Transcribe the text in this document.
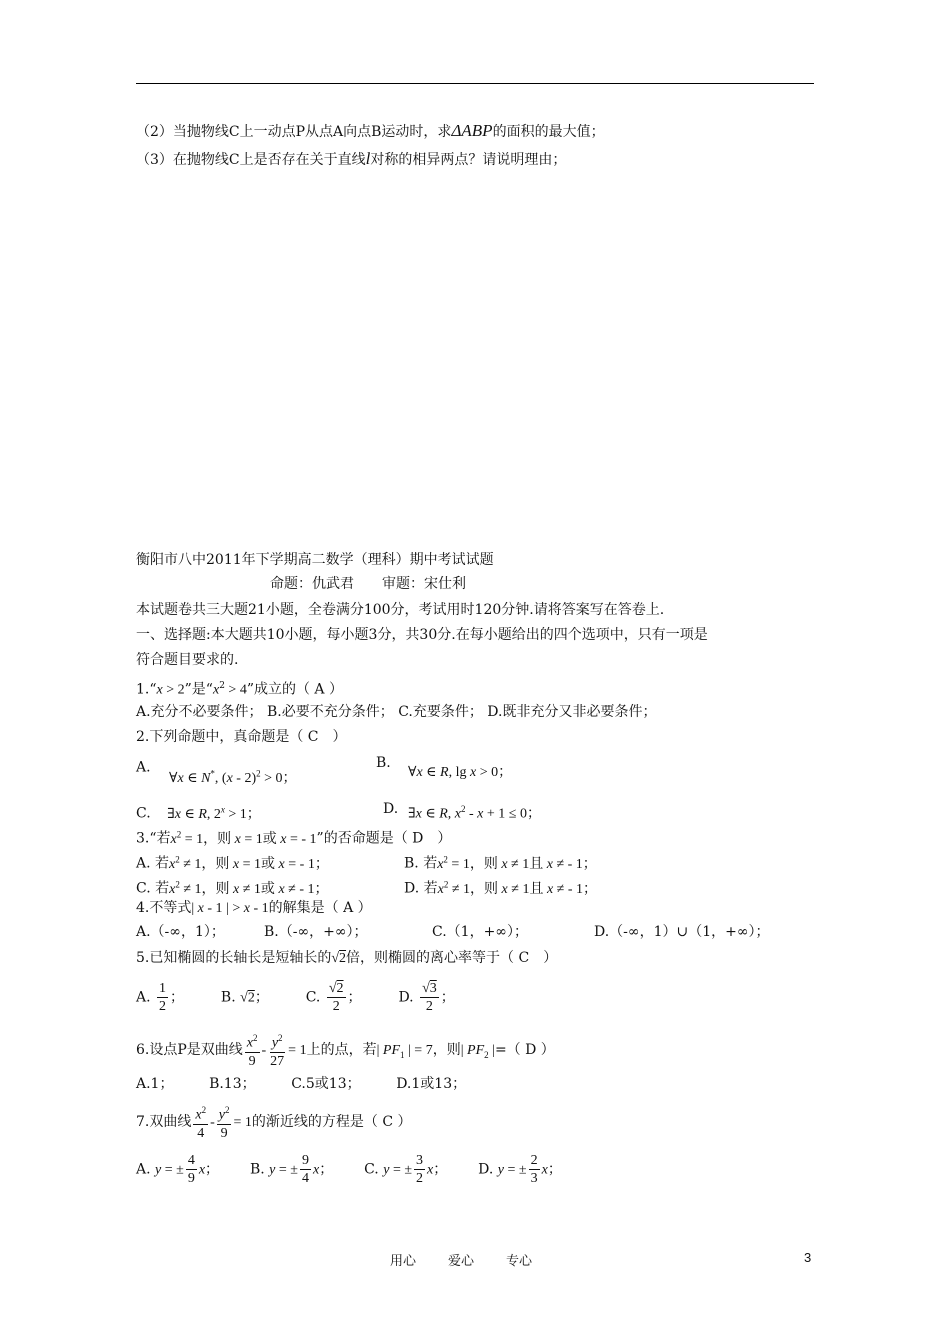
（2）当抛物线C上一动点P从点A向点B运动时，求ΔABP的面积的最大值；
（3）在抛物线C上是否存在关于直线l对称的相异两点？请说明理由；
衡阳市八中2011年下学期高二数学（理科）期中考试试题
命题：仇武君　　审题：宋仕利
本试题卷共三大题21小题，全卷满分100分，考试用时120分钟.请将答案写在答卷上.
一、选择题:本大题共10小题，每小题3分，共30分.在每小题给出的四个选项中，只有一项是
符合题目要求的.
1.“x > 2”是“$x^2 > 4$”成立的（ A ）
A.充分不必要条件； B.必要不充分条件； C.充要条件； D.既非充分又非必要条件；
2.下列命题中，真命题是（ C　）
A. ∀x ∈ N*, (x - 2)$^2$ > 0；
B.
∀x ∈ R, lg x > 0；
C. ∃x ∈ R, $2^x > 1$；	D. ∃x ∈ R, $x^2 - x + 1 \le 0$；
3.“若$x^2 = 1$，则 x = 1或 x = - 1”的否命题是（ D　）
A. 若$x^2 \ne 1$，则 x = 1或 x = - 1；	B. 若$x^2 = 1$，则 x ≠ 1且 x ≠ - 1；
C. 若$x^2 \ne 1$，则 x ≠ 1或 x ≠ - 1；	D. 若$x^2 \ne 1$，则 x ≠ 1且 x ≠ - 1；
4.不等式| x - 1 | > x - 1的解集是（ A ）
A.（-∞，1）；	B.（-∞，+∞）；	C.（1，+∞）；	D.（-∞，1）∪（1，+∞）；
5.已知椭圆的长轴长是短轴长的√2倍，则椭圆的离心率等于（ C　）
A. $\frac{1}{2}$ ；  B. √2；  C. $\frac{√2}{2}$ ；  D. $\frac{√3}{2}$ ；
6.设点P是双曲线 $\frac{x^2}{9} - \frac{y^2}{27} = 1$上的点，若| $PF_1$ | = 7，则| $PF_2$ |=（ D ）
A.1；        B.13；        C.5或13；        D.1或13；
7.双曲线 $\frac{x^2}{4} - \frac{y^2}{9} = 1$的渐近线的方程是（ C ）
A. y = ± $\frac{4}{9}$ x；  B. y = ± $\frac{9}{4}$ x；  C. y = ± $\frac{3}{2}$ x；  D. y = ± $\frac{2}{3}$ x；
用心 爱心 专心	3
